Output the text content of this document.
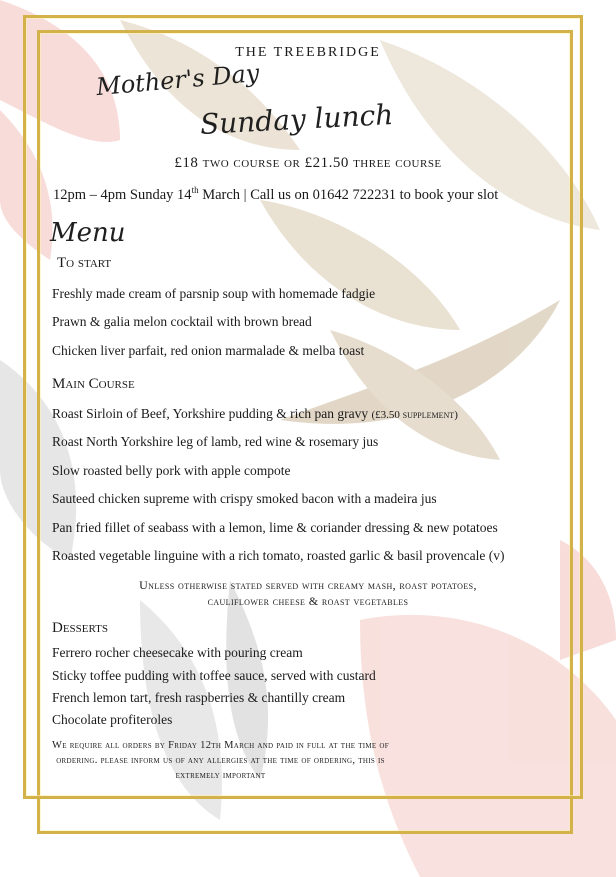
THE TREEBRIDGE
Mother's Day
Sunday lunch
£18 two course or £21.50 three course
12pm – 4pm Sunday 14th March | Call us on 01642 722231 to book your slot
Menu
To start
Freshly made cream of parsnip soup with homemade fadgie
Prawn & galia melon cocktail with brown bread
Chicken liver parfait, red onion marmalade & melba toast
Main Course
Roast Sirloin of Beef, Yorkshire pudding & rich pan gravy (£3.50 supplement)
Roast North Yorkshire leg of lamb, red wine & rosemary jus
Slow roasted belly pork with apple compote
Sauteed chicken supreme with crispy smoked bacon with a madeira jus
Pan fried fillet of seabass with a lemon, lime & coriander dressing & new potatoes
Roasted vegetable linguine with a rich tomato, roasted garlic & basil provencale (v)
Unless otherwise stated served with creamy mash, roast potatoes,
cauliflower cheese & roast vegetables
Desserts
Ferrero rocher cheesecake with pouring cream
Sticky toffee pudding with toffee sauce, served with custard
French lemon tart, fresh raspberries & chantilly cream
Chocolate profiteroles
We require all orders by Friday 12th March and paid in full at the time of ordering. please inform us of any allergies at the time of ordering, this is extremely important
